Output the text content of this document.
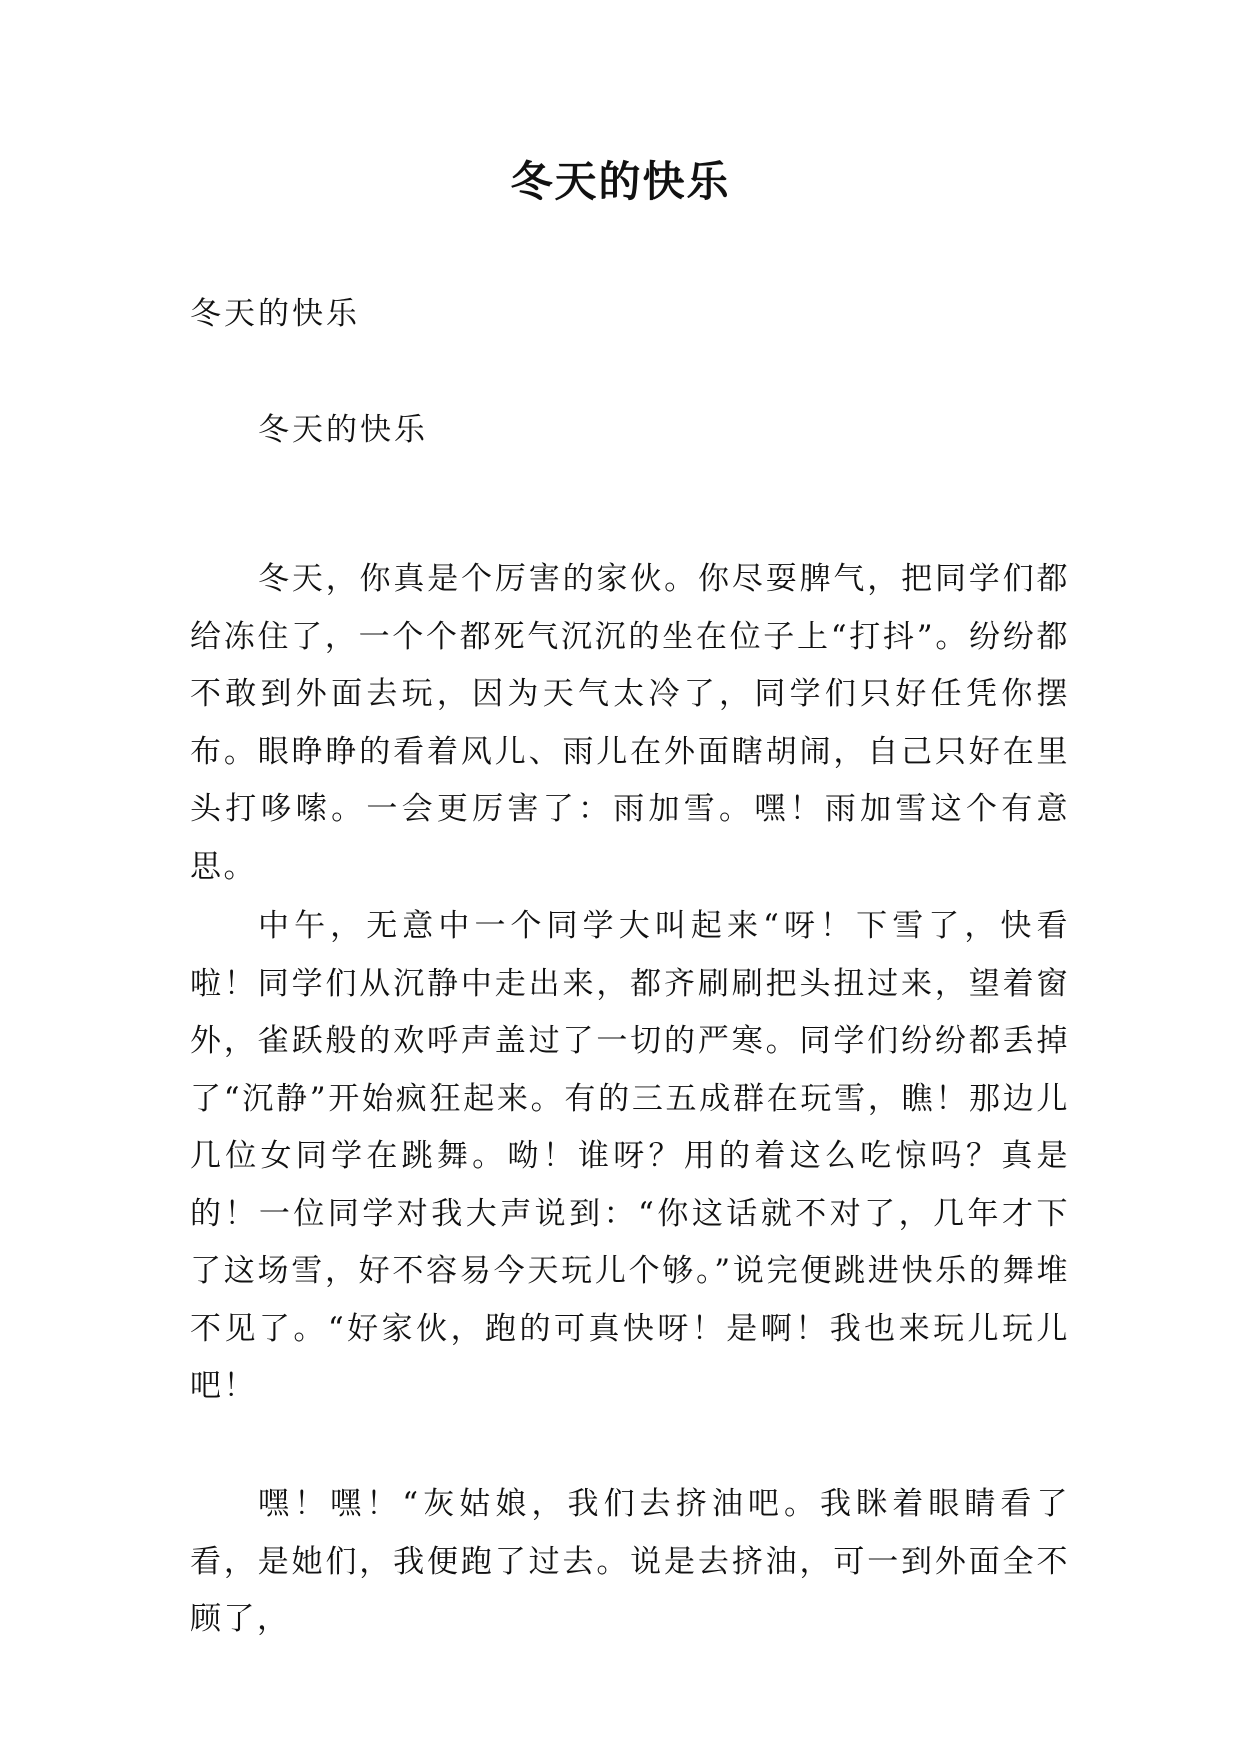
冬天的快乐
冬天的快乐
冬天的快乐

冬天，你真是个厉害的家伙。你尽耍脾气，把同学们都给冻住了，一个个都死气沉沉的坐在位子上“打抖”。纷纷都不敢到外面去玩，因为天气太冷了，同学们只好任凭你摆布。眼睁睁的看着风儿、雨儿在外面瞎胡闹，自己只好在里头打哆嗦。一会更厉害了：雨加雪。嘿！雨加雪这个有意思。

中午，无意中一个同学大叫起来“呀！下雪了，快看啦！同学们从沉静中走出来，都齐刷刷把头扭过来，望着窗外，雀跃般的欢呼声盖过了一切的严寒。同学们纷纷都丢掉了“沉静”开始疯狂起来。有的三五成群在玩雪，瞧！那边儿几位女同学在跳舞。呦！谁呀？用的着这么吃惊吗？真是的！一位同学对我大声说到：“你这话就不对了，几年才下了这场雪，好不容易今天玩儿个够。”说完便跳进快乐的舞堆不见了。“好家伙，跑的可真快呀！是啊！我也来玩儿玩儿吧！

嘿！嘿！“灰姑娘，我们去挤油吧。我眯着眼睛看了看，是她们，我便跑了过去。说是去挤油，可一到外面全不顾了，
